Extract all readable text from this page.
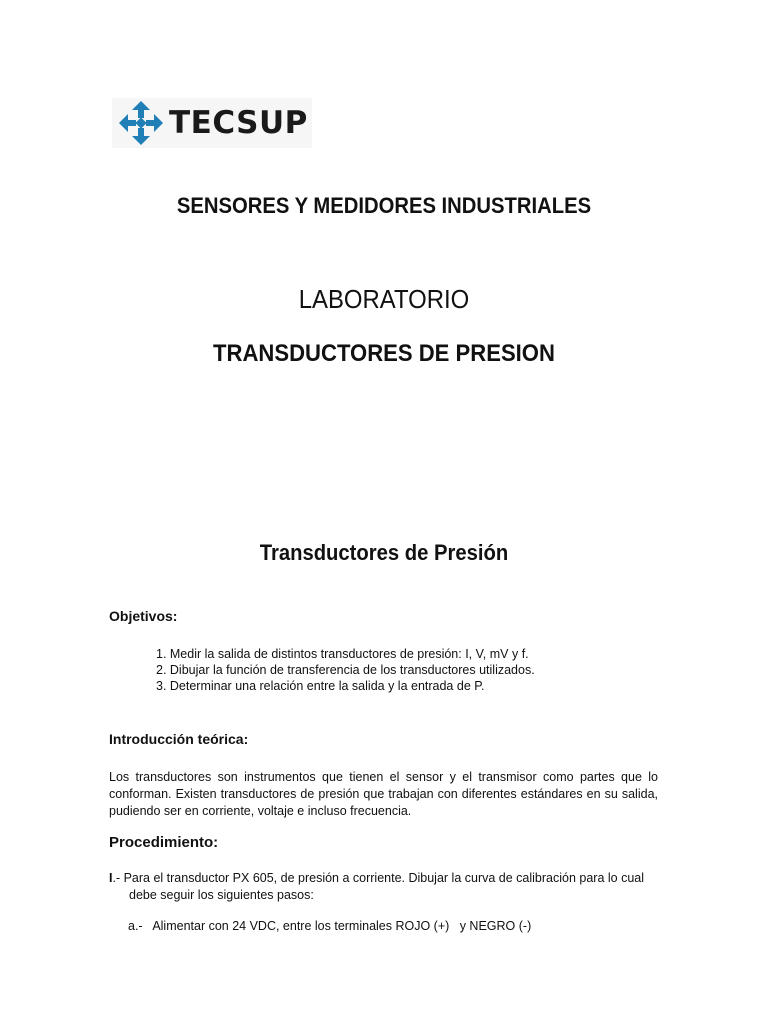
TECSUP
SENSORES Y MEDIDORES INDUSTRIALES
LABORATORIO
TRANSDUCTORES DE PRESION
Transductores de Presión
Objetivos:
1. Medir la salida de distintos transductores de presión: I, V, mV y f.
2. Dibujar la función de transferencia de los transductores utilizados.
3. Determinar una relación entre la salida y la entrada de P.
Introducción teórica:
Los transductores son instrumentos que tienen el sensor y el transmisor como partes que lo conforman. Existen transductores de presión que trabajan con diferentes estándares en su salida, pudiendo ser en corriente, voltaje e incluso frecuencia.
Procedimiento:
I.- Para el transductor PX 605, de presión a corriente. Dibujar la curva de calibración para lo cual
debe seguir los siguientes pasos:
a.-   Alimentar con 24 VDC, entre los terminales ROJO (+)   y NEGRO (-)
